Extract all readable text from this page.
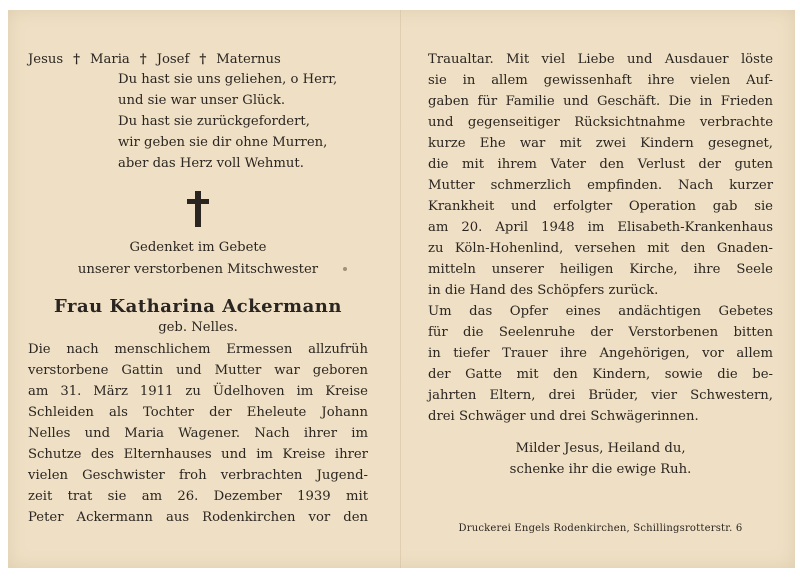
Jesus † Maria † Josef † Maternus
Du hast sie uns geliehen, o Herr,
und sie war unser Glück.
Du hast sie zurückgefordert,
wir geben sie dir ohne Murren,
aber das Herz voll Wehmut.
Gedenket im Gebete
unserer verstorbenen Mitschwester
Frau Katharina Ackermann
geb. Nelles.
Die nach menschlichem Ermessen allzufrüh
verstorbene Gattin und Mutter war geboren
am 31. März 1911 zu Üdelhoven im Kreise
Schleiden als Tochter der Eheleute Johann
Nelles und Maria Wagener. Nach ihrer im
Schutze des Elternhauses und im Kreise ihrer
vielen Geschwister froh verbrachten Jugend-
zeit trat sie am 26. Dezember 1939 mit
Peter Ackermann aus Rodenkirchen vor den
Traualtar. Mit viel Liebe und Ausdauer löste
sie in allem gewissenhaft ihre vielen Auf-
gaben für Familie und Geschäft. Die in Frieden
und gegenseitiger Rücksichtnahme verbrachte
kurze Ehe war mit zwei Kindern gesegnet,
die mit ihrem Vater den Verlust der guten
Mutter schmerzlich empfinden. Nach kurzer
Krankheit und erfolgter Operation gab sie
am 20. April 1948 im Elisabeth-Krankenhaus
zu Köln-Hohenlind, versehen mit den Gnaden-
mitteln unserer heiligen Kirche, ihre Seele
in die Hand des Schöpfers zurück.
Um das Opfer eines andächtigen Gebetes
für die Seelenruhe der Verstorbenen bitten
in tiefer Trauer ihre Angehörigen, vor allem
der Gatte mit den Kindern, sowie die be-
jahrten Eltern, drei Brüder, vier Schwestern,
drei Schwäger und drei Schwägerinnen.
Milder Jesus, Heiland du,
schenke ihr die ewige Ruh.
Druckerei Engels Rodenkirchen, Schillingsrotterstr. 6
